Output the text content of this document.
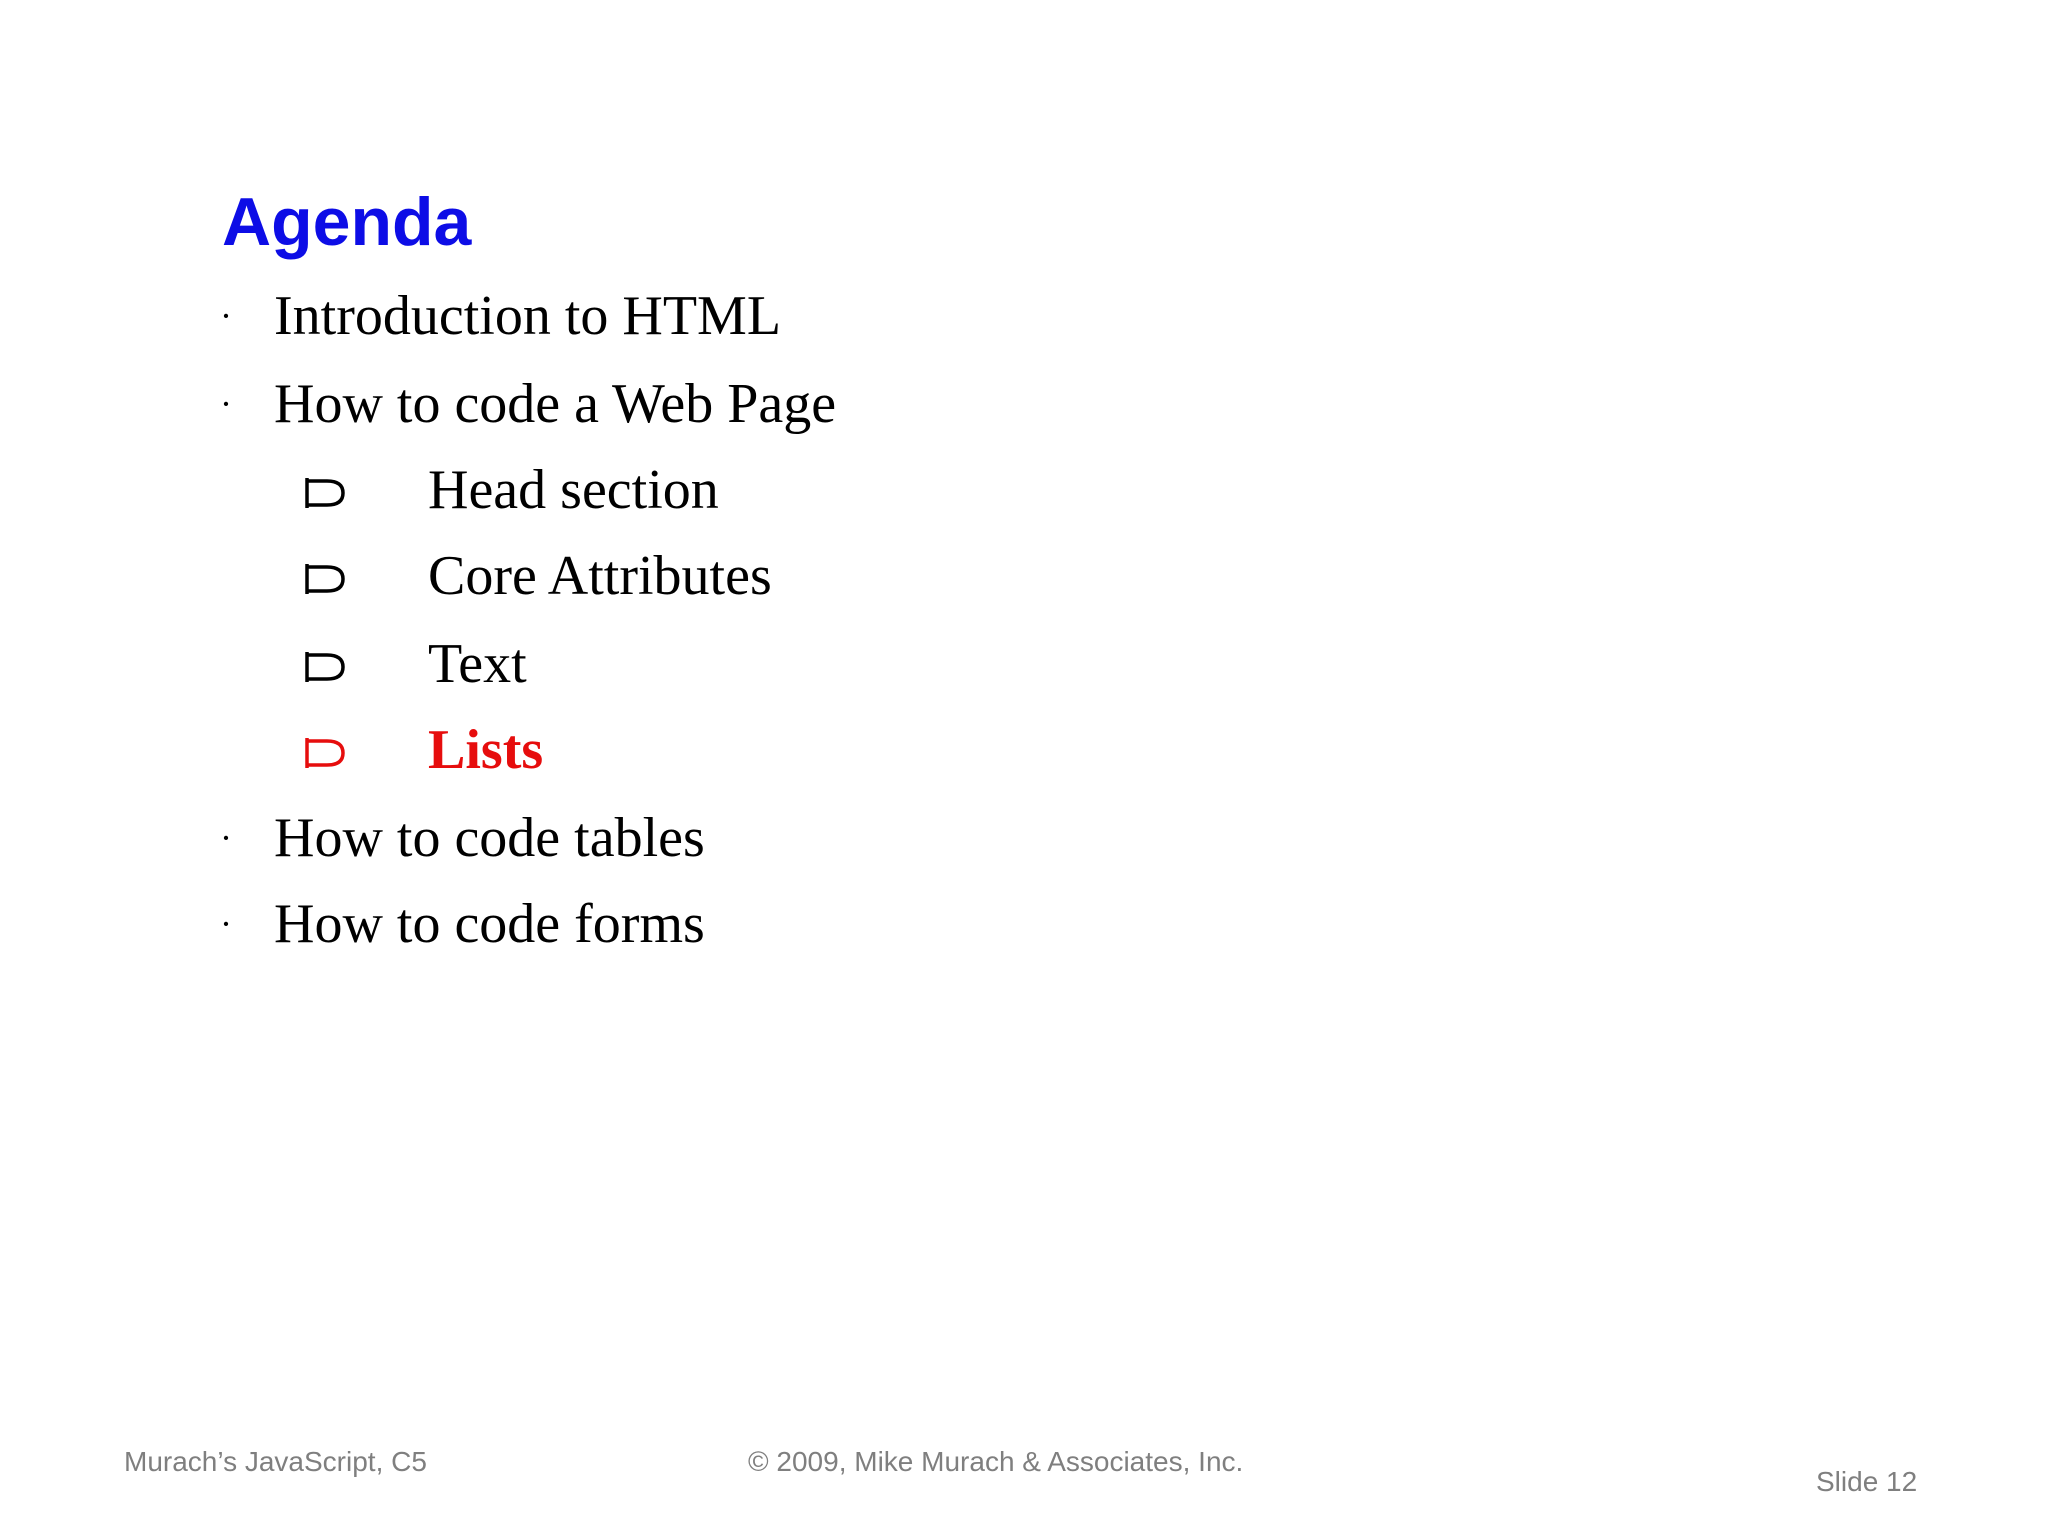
Agenda
· Introduction to HTML
· How to code a Web Page
Head section
Core Attributes
Text
Lists
· How to code tables
· How to code forms
Murach’s JavaScript, C5	© 2009, Mike Murach & Associates, Inc.
Slide 12
